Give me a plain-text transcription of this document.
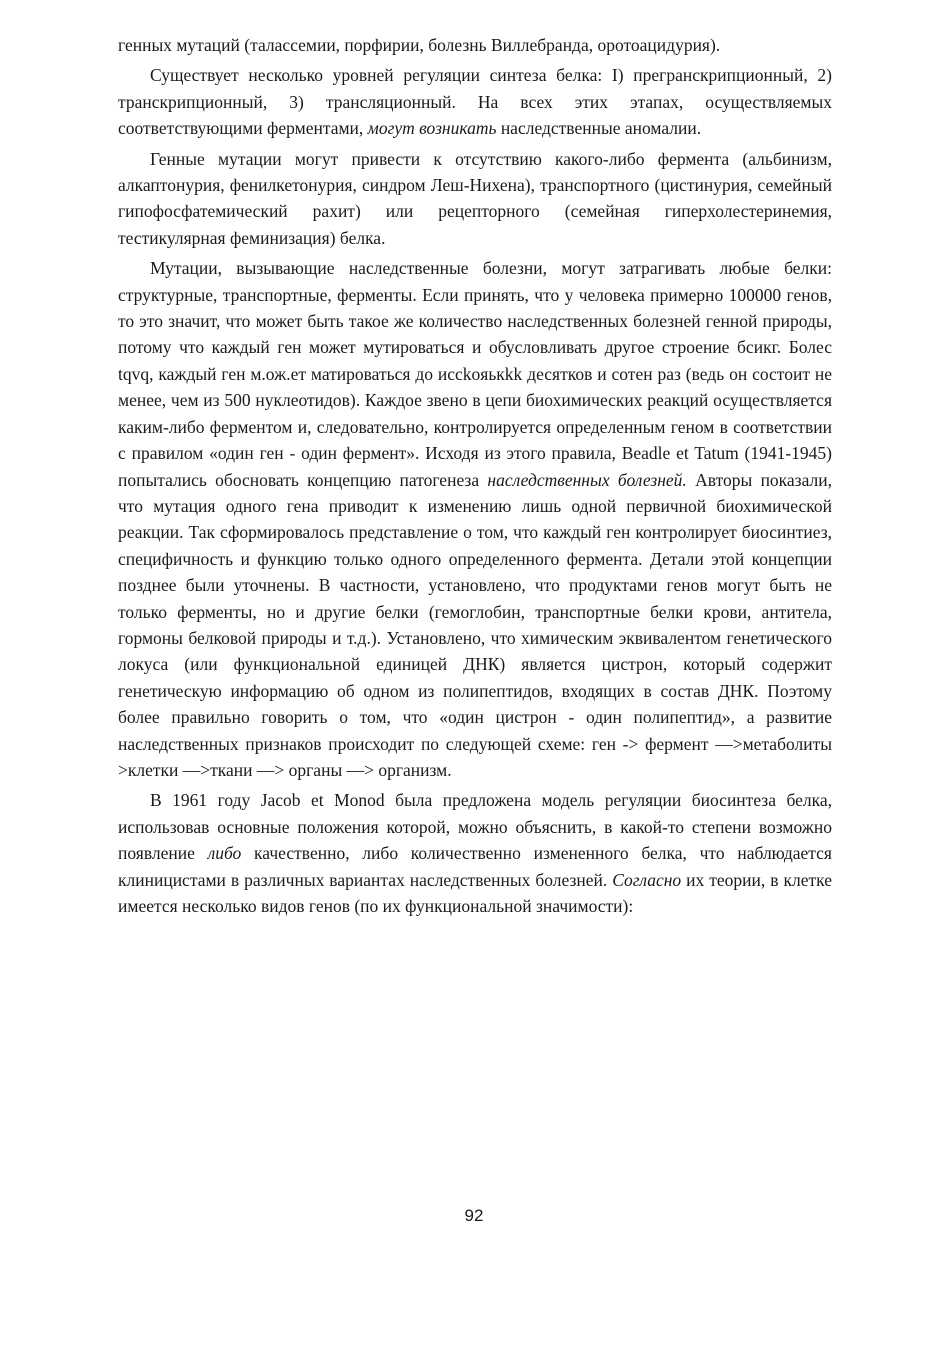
генных мутаций (талассемии, порфирии, болезнь Виллебранда, оротоацидурия).

Существует несколько уровней регуляции синтеза белка: I) прегранскрипционный, 2) транскрипционный, 3) трансляционный. На всех этих этапах, осуществляемых соответствующими ферментами, могут возникать наследственные аномалии.

Генные мутации могут привести к отсутствию какого-либо фермента (альбинизм, алкаптонурия, фенилкетонурия, синдром Леш-Нихена), транспортного (цистинурия, семейный гипофосфатемический рахит) или рецепторного (семейная гиперхолестеринемия, тестикулярная феминизация) белка.

Мутации, вызывающие наследственные болезни, могут затрагивать любые белки: структурные, транспортные, ферменты. Если принять, что у человека примерно 100000 генов, то это значит, что может быть такое же количество наследственных болезней генной природы, потому что каждый ген может мутироваться и обусловливать другое строение бсикг. Болес tqvq, каждый ген м.ож.ет матироваться до иссkoяькkk десятков и сотен раз (ведь он состоит не менее, чем из 500 нуклеотидов). Каждое звено в цепи биохимических реакций осуществляется каким-либо ферментом и, следовательно, контролируется определенным геном в соответствии с правилом «один ген - один фермент». Исходя из этого правила, Beadle et Tatum (1941-1945) попытались обосновать концепцию патогенеза наследственных болезней. Авторы показали, что мутация одного гена приводит к изменению лишь одной первичной биохимической реакции. Так сформировалось представление о том, что каждый ген контролирует биосинтиез, специфичность и функцию только одного определенного фермента. Детали этой концепции позднее были уточнены. В частности, установлено, что продуктами генов могут быть не только ферменты, но и другие белки (гемоглобин, транспортные белки крови, антитела, гормоны белковой природы и т.д.). Установлено, что химическим эквивалентом генетического локуса (или функциональной единицей ДНК) является цистрон, который содержит генетическую информацию об одном из полипептидов, входящих в состав ДНК. Поэтому более правильно говорить о том, что «один цистрон - один полипептид», а развитие наследственных признаков происходит по следующей схеме: ген -> фермент —>метаболиты >клетки —>ткани —> органы —> организм.

В 1961 году Jacob et Monod была предложена модель регуляции биосинтеза белка, использовав основные положения которой, можно объяснить, в какой-то степени возможно появление либо качественно, либо количественно измененного белка, что наблюдается клиницистами в различных вариантах наследственных болезней. Согласно их теории, в клетке имеется несколько видов генов (по их функциональной значимости):

92
